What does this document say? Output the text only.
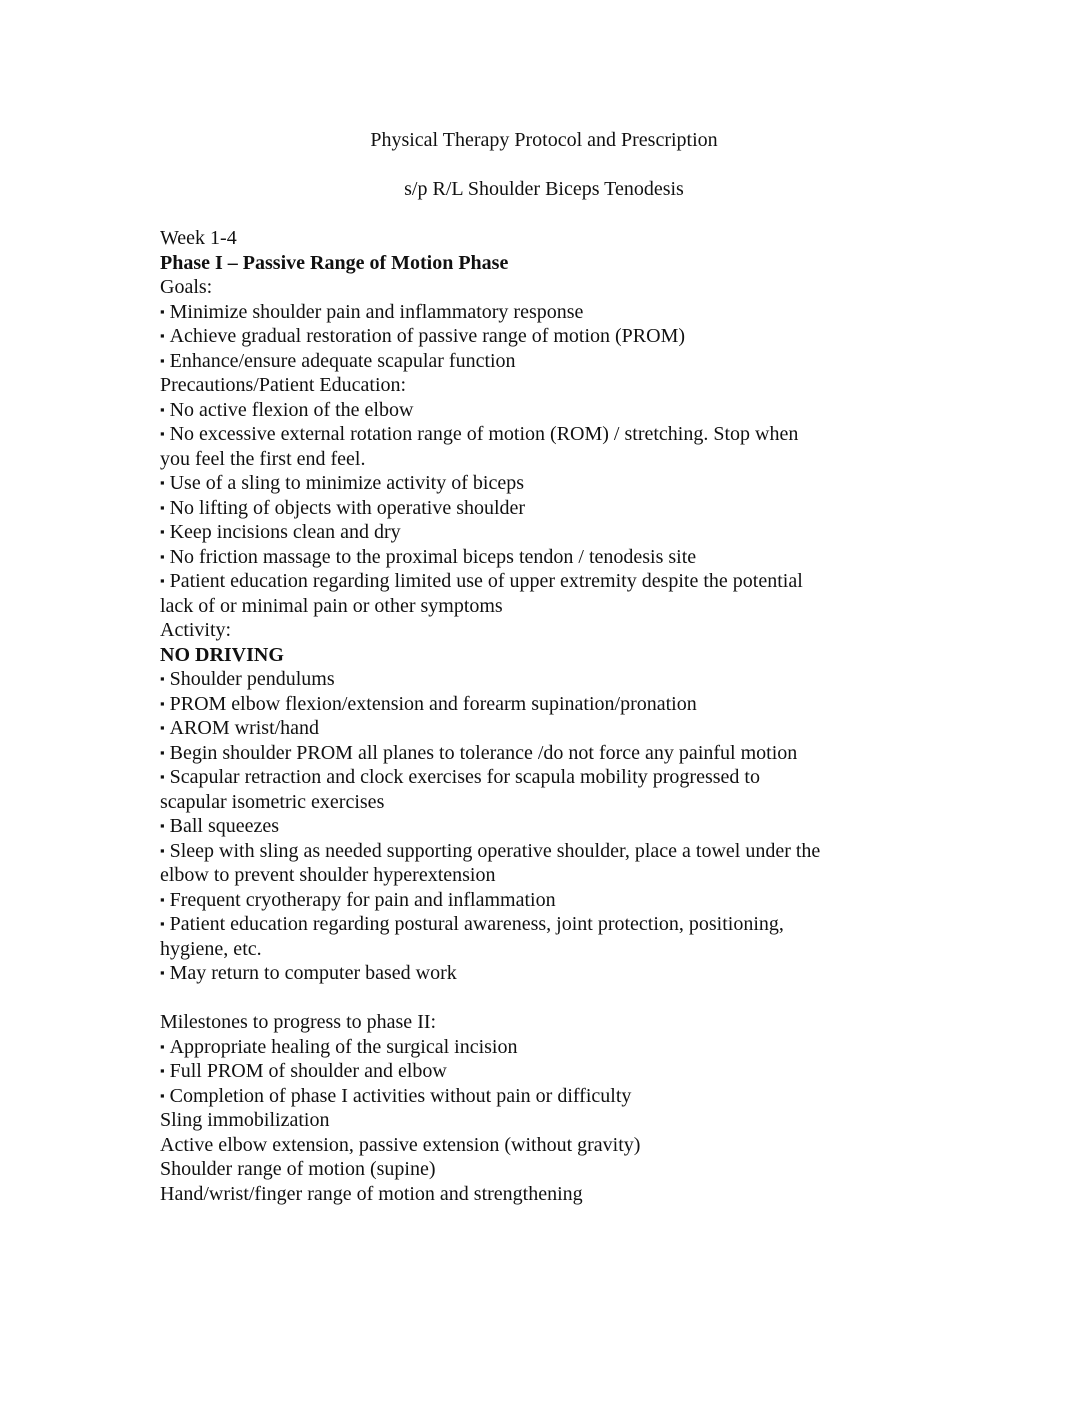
Physical Therapy Protocol and Prescription
s/p R/L Shoulder Biceps Tenodesis
Week 1-4
Phase I – Passive Range of Motion Phase
Goals:
▪ Minimize shoulder pain and inflammatory response
▪ Achieve gradual restoration of passive range of motion (PROM)
▪ Enhance/ensure adequate scapular function
Precautions/Patient Education:
▪ No active flexion of the elbow
▪ No excessive external rotation range of motion (ROM) / stretching. Stop when
you feel the first end feel.
▪ Use of a sling to minimize activity of biceps
▪ No lifting of objects with operative shoulder
▪ Keep incisions clean and dry
▪ No friction massage to the proximal biceps tendon / tenodesis site
▪ Patient education regarding limited use of upper extremity despite the potential
lack of or minimal pain or other symptoms
Activity:
NO DRIVING
▪ Shoulder pendulums
▪ PROM elbow flexion/extension and forearm supination/pronation
▪ AROM wrist/hand
▪ Begin shoulder PROM all planes to tolerance /do not force any painful motion
▪ Scapular retraction and clock exercises for scapula mobility progressed to
scapular isometric exercises
▪ Ball squeezes
▪ Sleep with sling as needed supporting operative shoulder, place a towel under the
elbow to prevent shoulder hyperextension
▪ Frequent cryotherapy for pain and inflammation
▪ Patient education regarding postural awareness, joint protection, positioning,
hygiene, etc.
▪ May return to computer based work
Milestones to progress to phase II:
▪ Appropriate healing of the surgical incision
▪ Full PROM of shoulder and elbow
▪ Completion of phase I activities without pain or difficulty
Sling immobilization
Active elbow extension, passive extension (without gravity)
Shoulder range of motion (supine)
Hand/wrist/finger range of motion and strengthening
